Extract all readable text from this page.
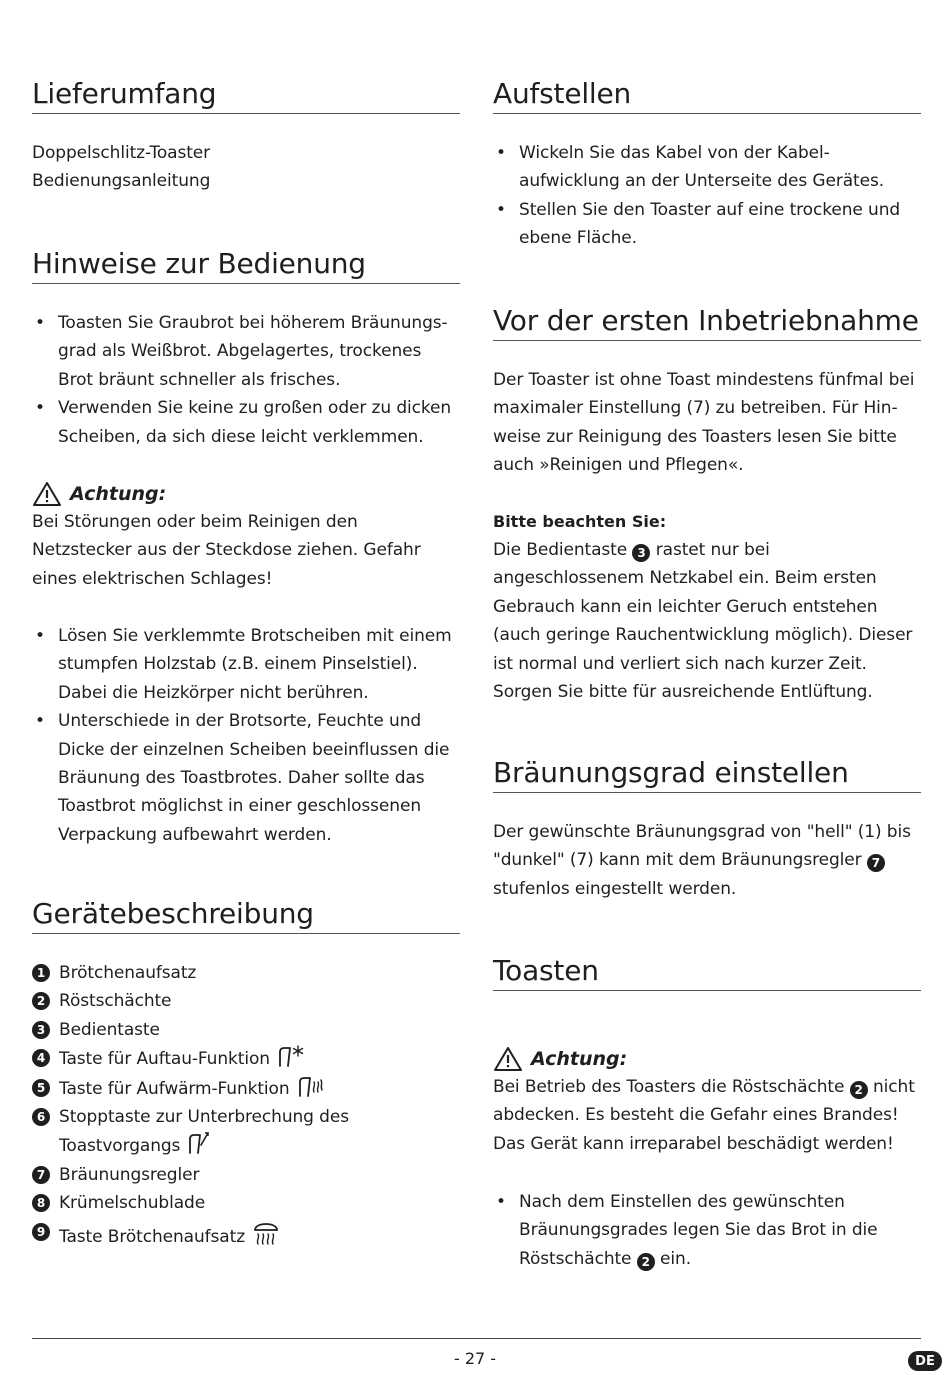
Lieferumfang

Doppelschlitz-Toaster

Bedienungsanleitung

Hinweise zur Bedienung
• Toasten Sie Graubrot bei höherem Bräunungsgrad als Weißbrot. Abgelagertes, trockenes Brot bräunt schneller als frisches.
• Verwenden Sie keine zu großen oder zu dicken Scheiben, da sich diese leicht verklemmen.
Achtung:

Bei Störungen oder beim Reinigen den Netzstecker aus der Steckdose ziehen. Gefahr eines elektrischen Schlages!

• Lösen Sie verklemmte Brotscheiben mit einem stumpfen Holzstab (z.B. einem Pinselstiel). Dabei die Heizkörper nicht berühren.
• Unterschiede in der Brotsorte, Feuchte und Dicke der einzelnen Scheiben beeinflussen die Bräunung des Toastbrotes. Daher sollte das Toastbrot möglichst in einer geschlossenen Verpackung aufbewahrt werden.
Gerätebeschreibung
1 Brötchenaufsatz
2 Röstschächte
3 Bedientaste
4 Taste für Auftau-Funktion
5 Taste für Aufwärm-Funktion
6 Stopptaste zur Unterbrechung des Toastvorgangs
7 Bräunungsregler
8 Krümelschublade
9 Taste Brötchenaufsatz
Aufstellen
• Wickeln Sie das Kabel von der Kabelaufwicklung an der Unterseite des Gerätes.
• Stellen Sie den Toaster auf eine trockene und ebene Fläche.
Vor der ersten Inbetriebnahme

Der Toaster ist ohne Toast mindestens fünfmal bei maximaler Einstellung (7) zu betreiben. Für Hinweise zur Reinigung des Toasters lesen Sie bitte auch »Reinigen und Pflegen«.

Bitte beachten Sie:

Die Bedientaste 3 rastet nur bei angeschlossenem Netzkabel ein. Beim ersten Gebrauch kann ein leichter Geruch entstehen (auch geringe Rauchentwicklung möglich). Dieser ist normal und verliert sich nach kurzer Zeit. Sorgen Sie bitte für ausreichende Entlüftung.

Bräunungsgrad einstellen

Der gewünschte Bräunungsgrad von "hell" (1) bis "dunkel" (7) kann mit dem Bräunungsregler 7 stufenlos eingestellt werden.

Toasten
Achtung:

Bei Betrieb des Toasters die Röstschächte 2 nicht abdecken. Es besteht die Gefahr eines Brandes! Das Gerät kann irreparabel beschädigt werden!

• Nach dem Einstellen des gewünschten Bräunungsgrades legen Sie das Brot in die Röstschächte 2 ein.
- 27 -	DE
